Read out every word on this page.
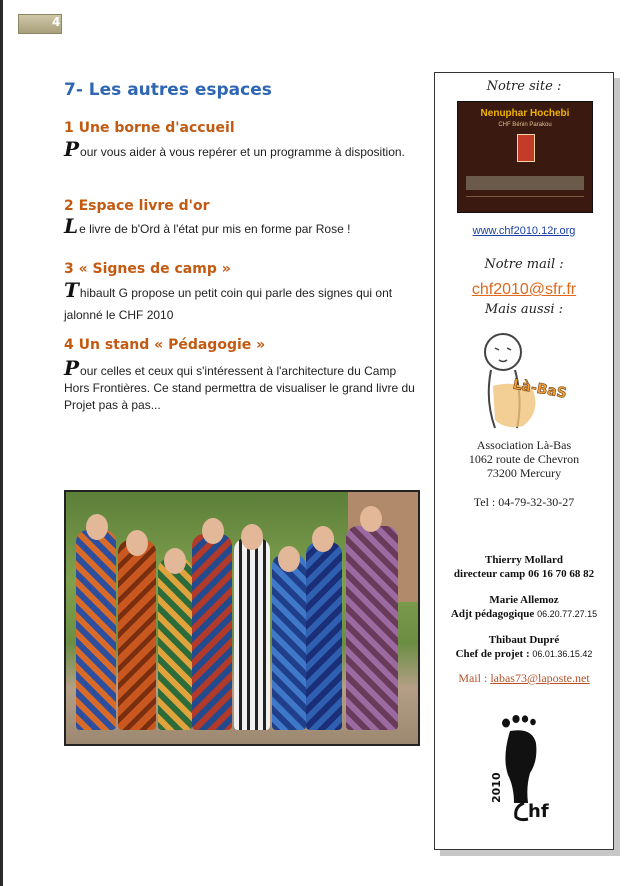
4
7- Les autres espaces
1 Une borne d'accueil

Pour vous aider à vous repérer et un programme à disposition.

2 Espace livre d'or

Le livre de b'Ord à l'état pur mis en forme par Rose !

3 « Signes de camp »

Thibault G propose un petit coin qui parle des signes qui ont jalonné le CHF 2010

4 Un stand « Pédagogie »

Pour celles et ceux qui s'intéressent à l'architecture du Camp Hors Frontières. Ce stand permettra de visualiser le grand livre du Projet pas à pas...

Notre site :
Nenuphar Hochebi
CHF Bénin Parakou
www.chf2010.12r.org
Notre mail :
chf2010@sfr.fr
Mais aussi :
Là-BaS
Association Là-Bas
1062 route de Chevron
73200 Mercury
Tel : 04-79-32-30-27
Thierry Mollard
directeur camp 06 16 70 68 82
Marie Allemoz
Adjt pédagogique 06.20.77.27.15
Thibaut Dupré
Chef de projet : 06.01.36.15.42
Mail : labas73@laposte.net
2010
hf
